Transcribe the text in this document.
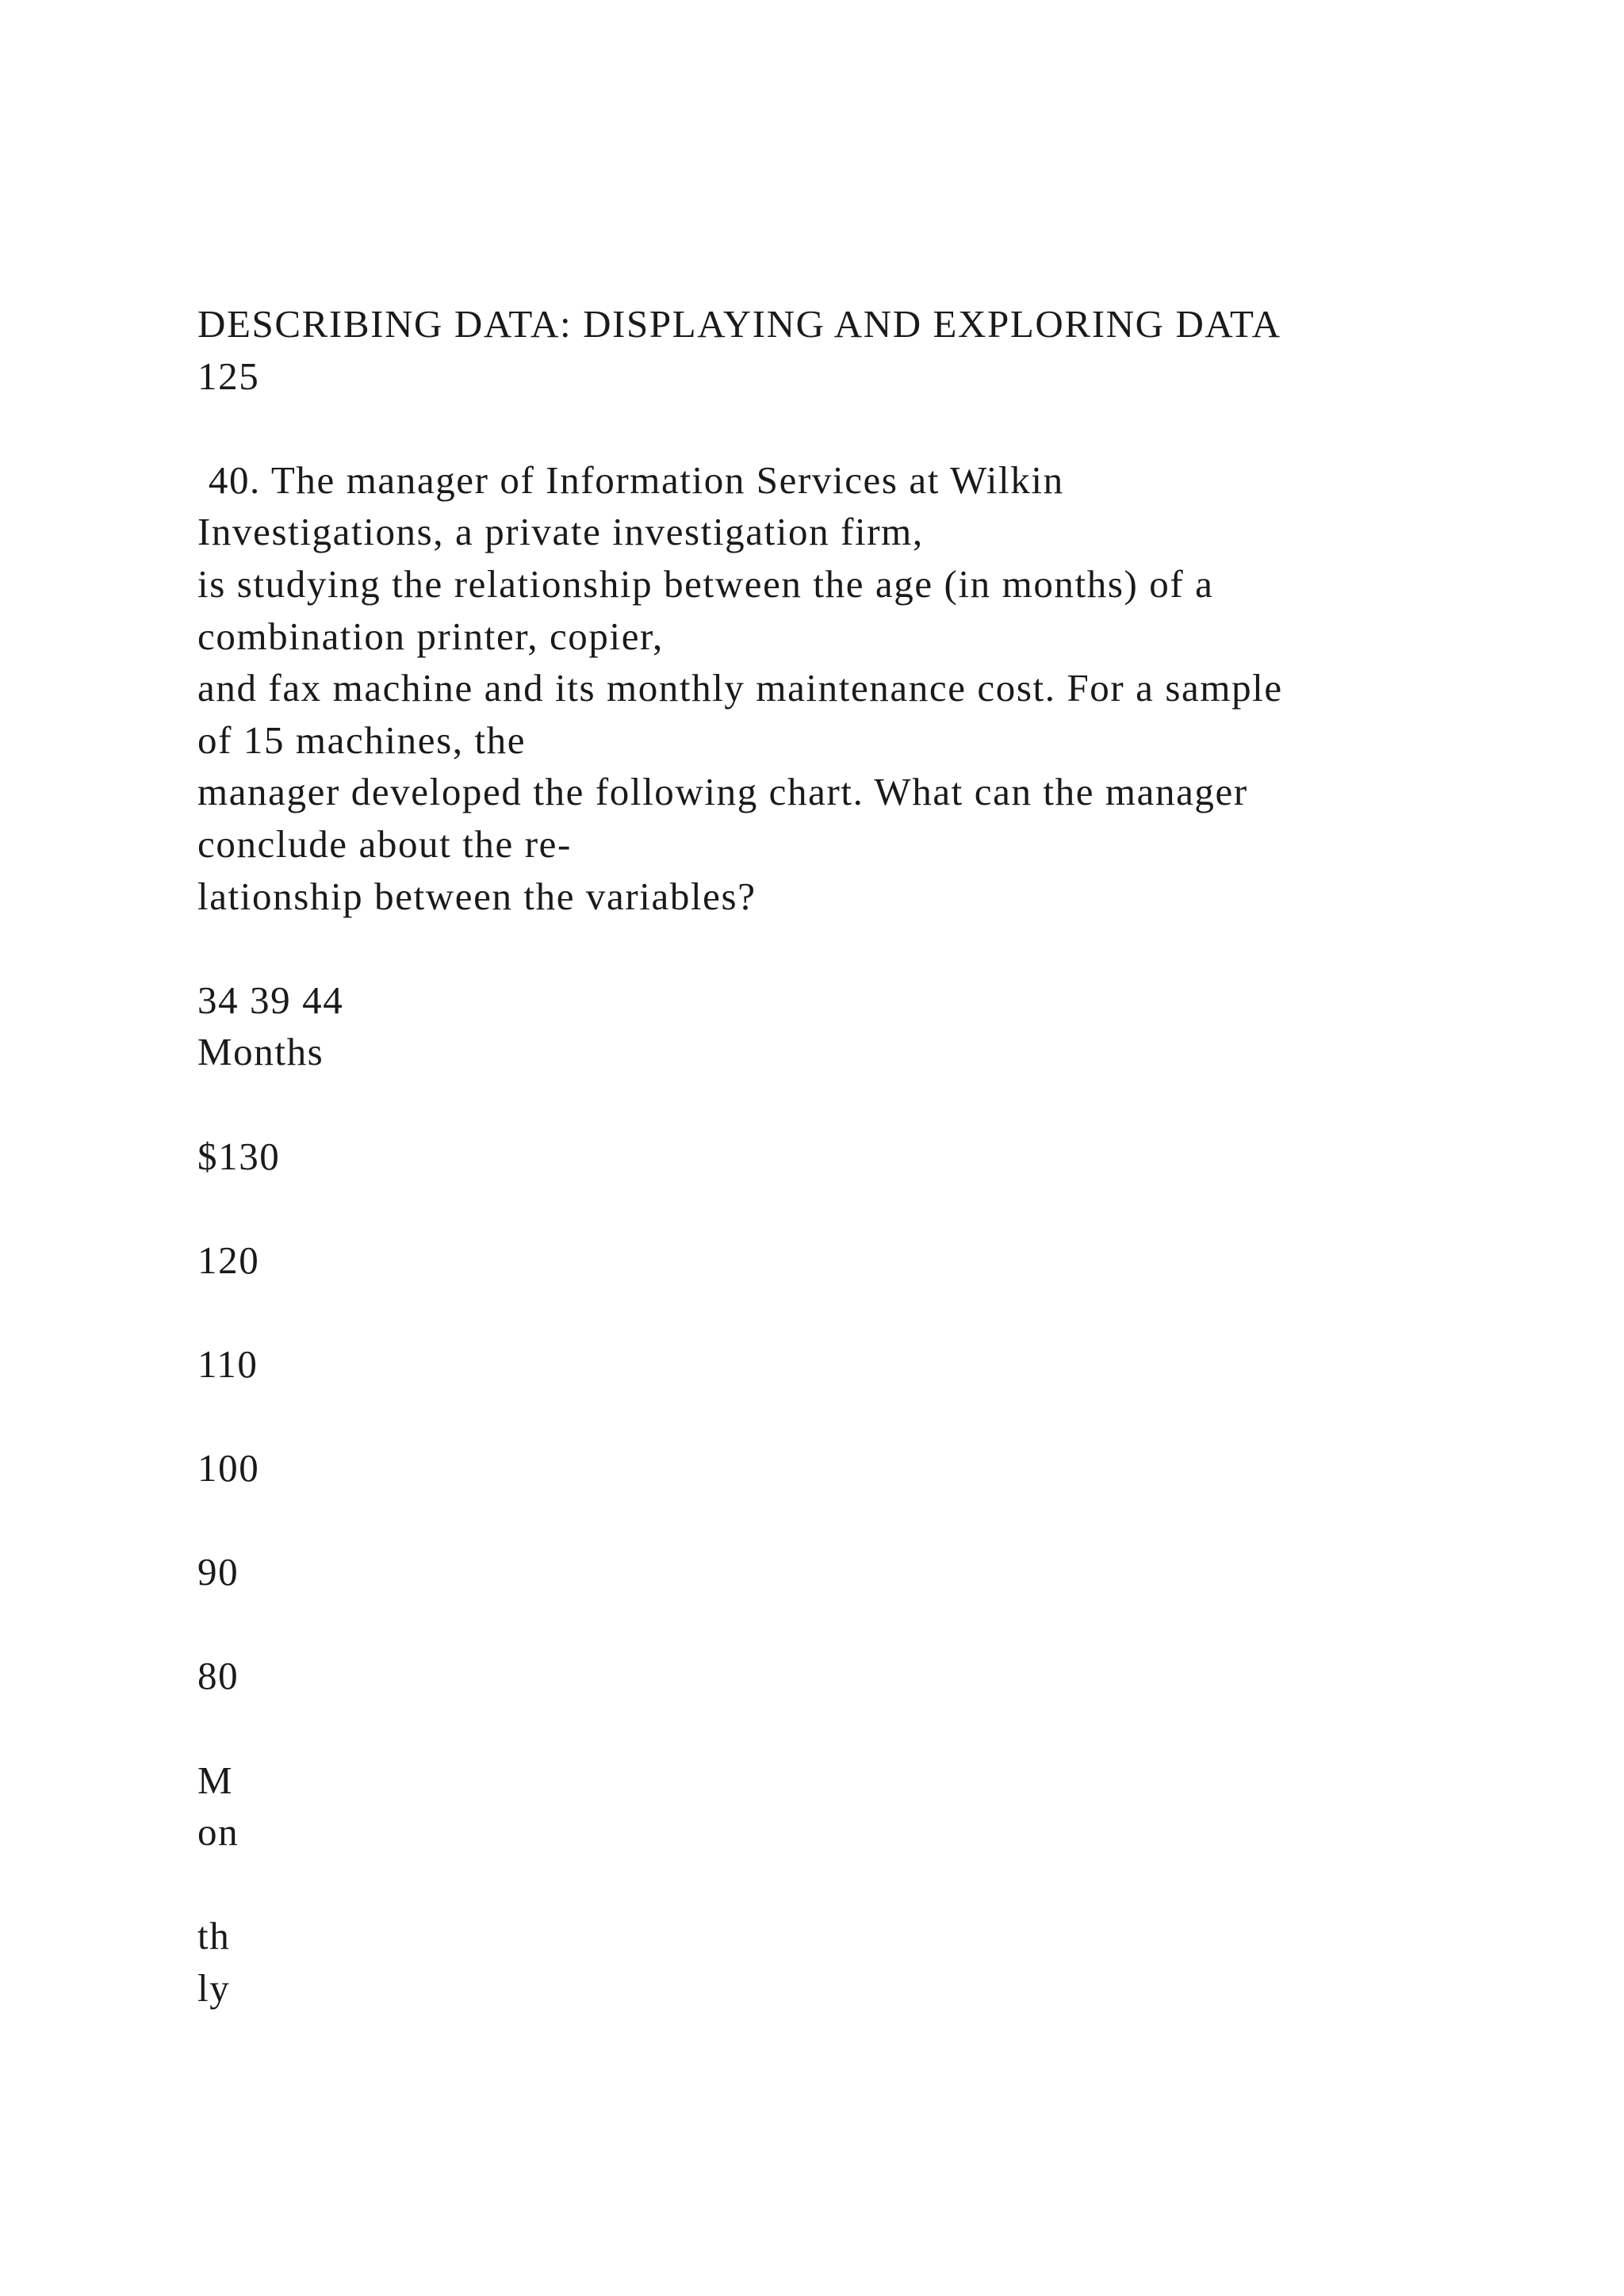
DESCRIBING DATA: DISPLAYING AND EXPLORING DATA
125
40. The manager of Information Services at Wilkin
Investigations, a private investigation firm,
is studying the relationship between the age (in months) of a
combination printer, copier,
and fax machine and its monthly maintenance cost. For a sample
of 15 machines, the
manager developed the following chart. What can the manager
conclude about the re-
lationship between the variables?
34 39 44
Months
$130
120
110
100
90
80
M
on
th
ly
